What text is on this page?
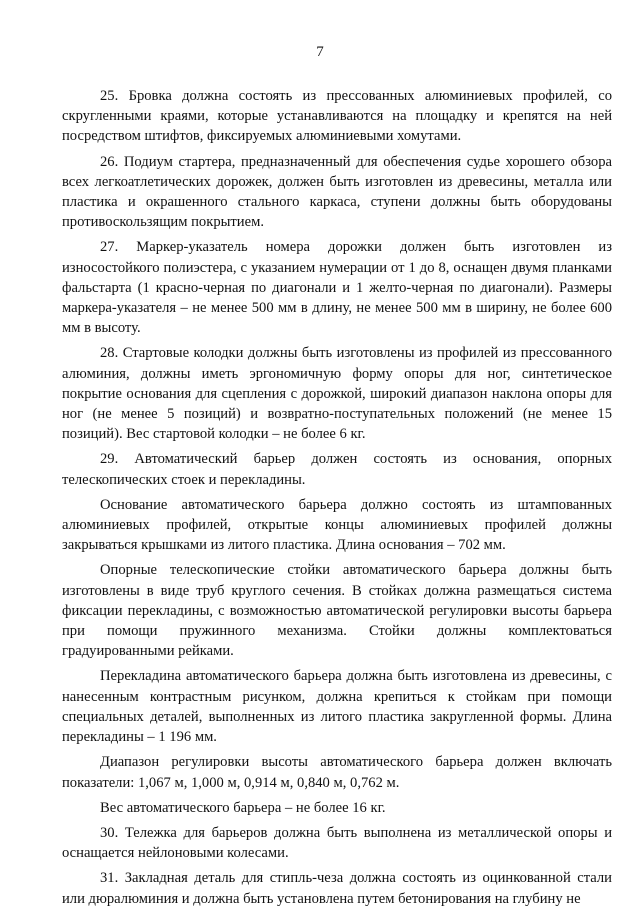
7

25. Бровка должна состоять из прессованных алюминиевых профилей, со скругленными краями, которые устанавливаются на площадку и крепятся на ней посредством штифтов, фиксируемых алюминиевыми хомутами.

26. Подиум стартера, предназначенный для обеспечения судье хорошего обзора всех легкоатлетических дорожек, должен быть изготовлен из древесины, металла или пластика и окрашенного стального каркаса, ступени должны быть оборудованы противоскользящим покрытием.

27. Маркер-указатель номера дорожки должен быть изготовлен из износостойкого полиэстера, с указанием нумерации от 1 до 8, оснащен двумя планками фальстарта (1 красно-черная по диагонали и 1 желто-черная по диагонали). Размеры маркера-указателя – не менее 500 мм в длину, не менее 500 мм в ширину, не более 600 мм в высоту.

28. Стартовые колодки должны быть изготовлены из профилей из прессованного алюминия, должны иметь эргономичную форму опоры для ног, синтетическое покрытие основания для сцепления с дорожкой, широкий диапазон наклона опоры для ног (не менее 5 позиций) и возвратно-поступательных положений (не менее 15 позиций). Вес стартовой колодки – не более 6 кг.

29. Автоматический барьер должен состоять из основания, опорных телескопических стоек и перекладины.

Основание автоматического барьера должно состоять из штампованных алюминиевых профилей, открытые концы алюминиевых профилей должны закрываться крышками из литого пластика. Длина основания – 702 мм.

Опорные телескопические стойки автоматического барьера должны быть изготовлены в виде труб круглого сечения. В стойках должна размещаться система фиксации перекладины, с возможностью автоматической регулировки высоты барьера при помощи пружинного механизма. Стойки должны комплектоваться градуированными рейками.

Перекладина автоматического барьера должна быть изготовлена из древесины, с нанесенным контрастным рисунком, должна крепиться к стойкам при помощи специальных деталей, выполненных из литого пластика закругленной формы. Длина перекладины – 1 196 мм.

Диапазон регулировки высоты автоматического барьера должен включать показатели: 1,067 м, 1,000 м, 0,914 м, 0,840 м, 0,762 м.

Вес автоматического барьера – не более 16 кг.

30. Тележка для барьеров должна быть выполнена из металлической опоры и оснащается нейлоновыми колесами.

31. Закладная деталь для стипль-чеза должна состоять из оцинкованной стали или дюралюминия и должна быть установлена путем бетонирования на глубину не
